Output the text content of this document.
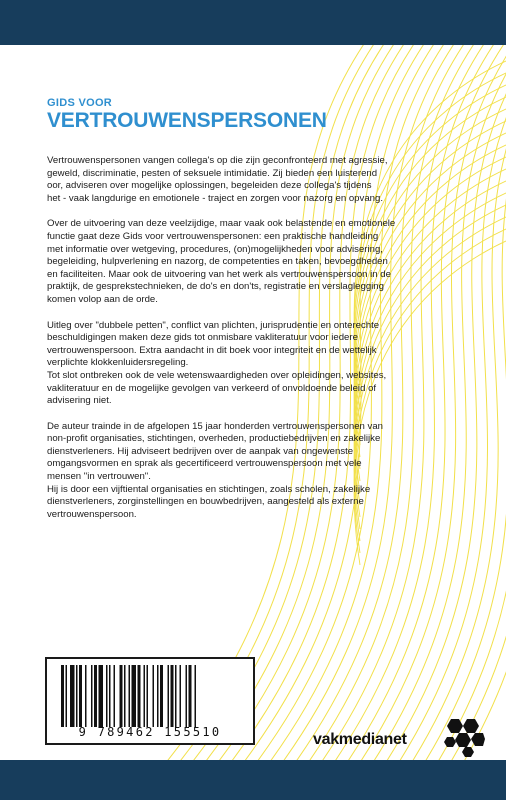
GIDS VOOR
VERTROUWENSPERSONEN

Vertrouwenspersonen vangen collega's op die zijn geconfronteerd met agressie,
geweld, discriminatie, pesten of seksuele intimidatie. Zij bieden een luisterend
oor, adviseren over mogelijke oplossingen, begeleiden deze collega's tijdens
het - vaak langdurige en emotionele - traject en zorgen voor nazorg en opvang.

Over de uitvoering van deze veelzijdige, maar vaak ook belastende en emotionele
functie gaat deze Gids voor vertrouwenspersonen: een praktische handleiding
met informatie over wetgeving, procedures, (on)mogelijkheden voor advisering,
begeleiding, hulpverlening en nazorg, de competenties en taken, bevoegdheden
en faciliteiten. Maar ook de uitvoering van het werk als vertrouwenspersoon in de
praktijk, de gesprekstechnieken, de do's en don'ts, registratie en verslaglegging
komen volop aan de orde.

Uitleg over "dubbele petten", conflict van plichten, jurisprudentie en onterechte
beschuldigingen maken deze gids tot onmisbare vakliteratuur voor iedere
vertrouwenspersoon. Extra aandacht in dit boek voor integriteit en de wettelijk
verplichte klokkenluidersregeling.
Tot slot ontbreken ook de vele wetenswaardigheden over opleidingen, websites,
vakliteratuur en de mogelijke gevolgen van verkeerd of onvoldoende beleid of
advisering niet.

De auteur trainde in de afgelopen 15 jaar honderden vertrouwenspersonen van
non-profit organisaties, stichtingen, overheden, productiebedrijven en zakelijke
dienstverleners. Hij adviseert bedrijven over de aanpak van ongewenste
omgangsvormen en sprak als gecertificeerd vertrouwenspersoon met vele
mensen "in vertrouwen".
Hij is door een vijftiental organisaties en stichtingen, zoals scholen, zakelijke
dienstverleners, zorginstellingen en bouwbedrijven, aangesteld als externe
vertrouwenspersoon.

9 789462 155510	vakmedianet
